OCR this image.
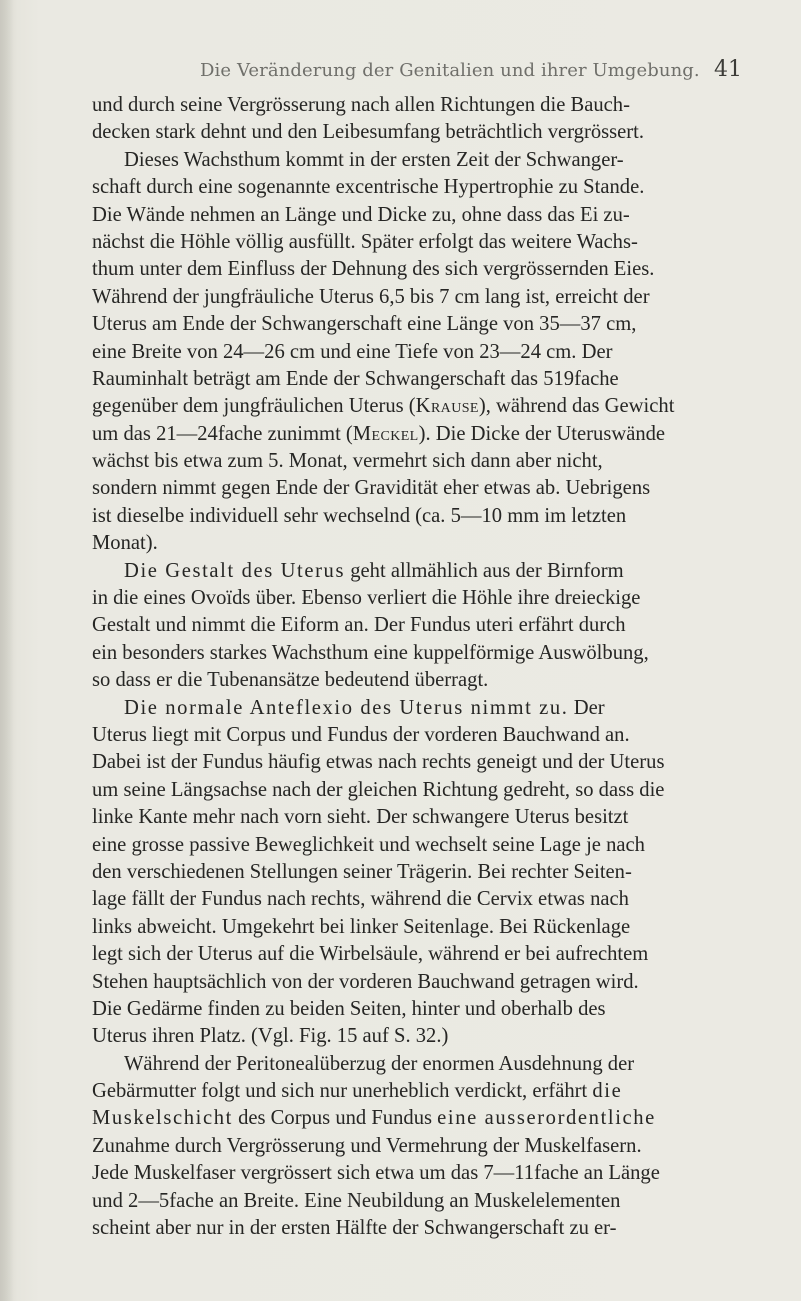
Die Veränderung der Genitalien und ihrer Umgebung. 41
und durch seine Vergrösserung nach allen Richtungen die Bauch-
decken stark dehnt und den Leibesumfang beträchtlich vergrössert.
Dieses Wachsthum kommt in der ersten Zeit der Schwanger-
schaft durch eine sogenannte excentrische Hypertrophie zu Stande.
Die Wände nehmen an Länge und Dicke zu, ohne dass das Ei zu-
nächst die Höhle völlig ausfüllt. Später erfolgt das weitere Wachs-
thum unter dem Einfluss der Dehnung des sich vergrössernden Eies.
Während der jungfräuliche Uterus 6,5 bis 7 cm lang ist, erreicht der
Uterus am Ende der Schwangerschaft eine Länge von 35—37 cm,
eine Breite von 24—26 cm und eine Tiefe von 23—24 cm. Der
Rauminhalt beträgt am Ende der Schwangerschaft das 519fache
gegenüber dem jungfräulichen Uterus (Krause), während das Gewicht
um das 21—24fache zunimmt (Meckel). Die Dicke der Uteruswände
wächst bis etwa zum 5. Monat, vermehrt sich dann aber nicht,
sondern nimmt gegen Ende der Gravidität eher etwas ab. Uebrigens
ist dieselbe individuell sehr wechselnd (ca. 5—10 mm im letzten
Monat).
Die Gestalt des Uterus geht allmählich aus der Birnform
in die eines Ovoïds über. Ebenso verliert die Höhle ihre dreieckige
Gestalt und nimmt die Eiform an. Der Fundus uteri erfährt durch
ein besonders starkes Wachsthum eine kuppelförmige Auswölbung,
so dass er die Tubenansätze bedeutend überragt.
Die normale Anteflexio des Uterus nimmt zu. Der
Uterus liegt mit Corpus und Fundus der vorderen Bauchwand an.
Dabei ist der Fundus häufig etwas nach rechts geneigt und der Uterus
um seine Längsachse nach der gleichen Richtung gedreht, so dass die
linke Kante mehr nach vorn sieht. Der schwangere Uterus besitzt
eine grosse passive Beweglichkeit und wechselt seine Lage je nach
den verschiedenen Stellungen seiner Trägerin. Bei rechter Seiten-
lage fällt der Fundus nach rechts, während die Cervix etwas nach
links abweicht. Umgekehrt bei linker Seitenlage. Bei Rückenlage
legt sich der Uterus auf die Wirbelsäule, während er bei aufrechtem
Stehen hauptsächlich von der vorderen Bauchwand getragen wird.
Die Gedärme finden zu beiden Seiten, hinter und oberhalb des
Uterus ihren Platz. (Vgl. Fig. 15 auf S. 32.)
Während der Peritonealüberzug der enormen Ausdehnung der
Gebärmutter folgt und sich nur unerheblich verdickt, erfährt die
Muskelschicht des Corpus und Fundus eine ausserordentliche
Zunahme durch Vergrösserung und Vermehrung der Muskelfasern.
Jede Muskelfaser vergrössert sich etwa um das 7—11fache an Länge
und 2—5fache an Breite. Eine Neubildung an Muskelelementen
scheint aber nur in der ersten Hälfte der Schwangerschaft zu er-
